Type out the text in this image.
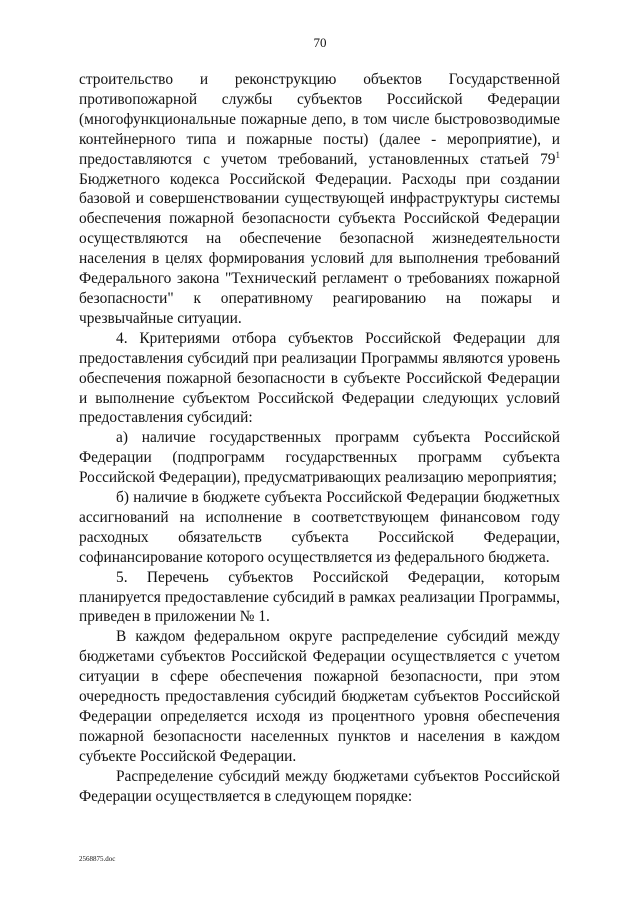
70

строительство и реконструкцию объектов Государственной противопожарной службы субъектов Российской Федерации (многофункциональные пожарные депо, в том числе быстровозводимые контейнерного типа и пожарные посты) (далее - мероприятие), и предоставляются с учетом требований, установленных статьей $79^1$ Бюджетного кодекса Российской Федерации. Расходы при создании базовой и совершенствовании существующей инфраструктуры системы обеспечения пожарной безопасности субъекта Российской Федерации осуществляются на обеспечение безопасной жизнедеятельности населения в целях формирования условий для выполнения требований Федерального закона "Технический регламент о требованиях пожарной безопасности" к оперативному реагированию на пожары и чрезвычайные ситуации.

4. Критериями отбора субъектов Российской Федерации для предоставления субсидий при реализации Программы являются уровень обеспечения пожарной безопасности в субъекте Российской Федерации и выполнение субъектом Российской Федерации следующих условий предоставления субсидий:

а) наличие государственных программ субъекта Российской Федерации (подпрограмм государственных программ субъекта Российской Федерации), предусматривающих реализацию мероприятия;

б) наличие в бюджете субъекта Российской Федерации бюджетных ассигнований на исполнение в соответствующем финансовом году расходных обязательств субъекта Российской Федерации, софинансирование которого осуществляется из федерального бюджета.

5. Перечень субъектов Российской Федерации, которым планируется предоставление субсидий в рамках реализации Программы, приведен в приложении № 1.

В каждом федеральном округе распределение субсидий между бюджетами субъектов Российской Федерации осуществляется с учетом ситуации в сфере обеспечения пожарной безопасности, при этом очередность предоставления субсидий бюджетам субъектов Российской Федерации определяется исходя из процентного уровня обеспечения пожарной безопасности населенных пунктов и населения в каждом субъекте Российской Федерации.

Распределение субсидий между бюджетами субъектов Российской Федерации осуществляется в следующем порядке:

2568875.doc
